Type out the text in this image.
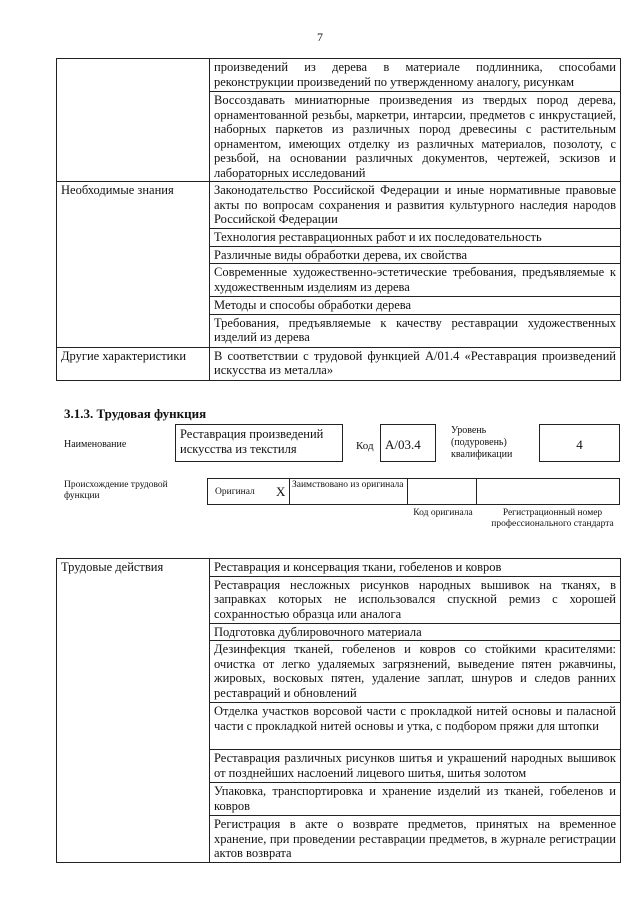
7
	произведений из дерева в материале подлинника, способами реконструкции произведений по утвержденному аналогу, рисункам
	Воссоздавать миниатюрные произведения из твердых пород дерева, орнаментованной резьбы, маркетри, интарсии, предметов с инкрустацией, наборных паркетов из различных пород древесины с растительным орнаментом, имеющих отделку из различных материалов, позолоту, с резьбой, на основании различных документов, чертежей, эскизов и лабораторных исследований
Необходимые знания	Законодательство Российской Федерации и иные нормативные правовые акты по вопросам сохранения и развития культурного наследия народов Российской Федерации
	Технология реставрационных работ и их последовательность
	Различные виды обработки дерева, их свойства
	Современные художественно-эстетические требования, предъявляемые к художественным изделиям из дерева
	Методы и способы обработки дерева
	Требования, предъявляемые к качеству реставрации художественных изделий из дерева
Другие характеристики	В соответствии с трудовой функцией А/01.4 «Реставрация произведений искусства из металла»
3.1.3. Трудовая функция
Наименование
Реставрация произведений искусства из текстиля	Код А/03.4
Уровень (подуровень) квалификации
4
Происхождение трудовой функции	Оригинал X Заимствовано из оригинала
Код оригинала	Регистрационный номер профессионального стандарта
Трудовые действия	Реставрация и консервация ткани, гобеленов и ковров
Реставрация несложных рисунков народных вышивок на тканях, в заправках которых не использовался спускной ремиз с хорошей сохранностью образца или аналога
Подготовка дублировочного материала
Дезинфекция тканей, гобеленов и ковров со стойкими красителями: очистка от легко удаляемых загрязнений, выведение пятен ржавчины, жировых, восковых пятен, удаление заплат, шнуров и следов ранних реставраций и обновлений
Отделка участков ворсовой части с прокладкой нитей основы и паласной части с прокладкой нитей основы и утка, с подбором пряжи для штопки
Реставрация различных рисунков шитья и украшений народных вышивок от позднейших наслоений лицевого шитья, шитья золотом
Упаковка, транспортировка и хранение изделий из тканей, гобеленов и ковров
Регистрация в акте о возврате предметов, принятых на временное хранение, при проведении реставрации предметов, в журнале регистрации актов возврата
